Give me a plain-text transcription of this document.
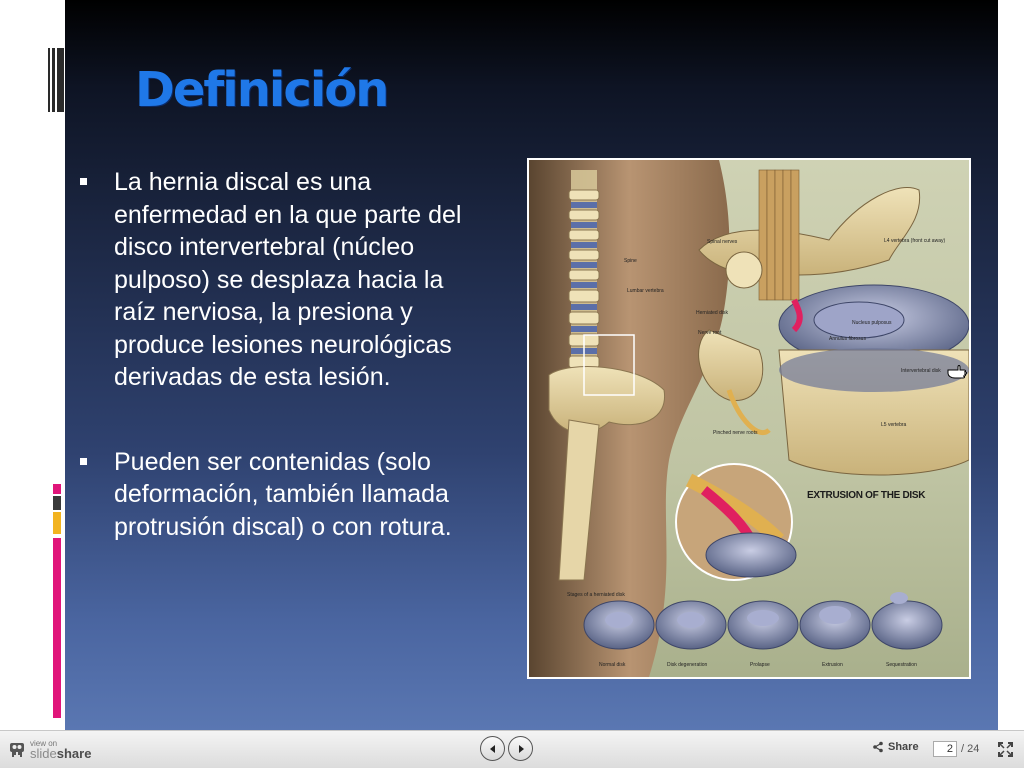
Definición

La hernia discal es una enfermedad en la que parte del disco intervertebral (núcleo pulposo) se desplaza hacia la raíz nerviosa, la presiona y produce lesiones neurológicas derivadas de esta lesión.

Pueden ser contenidas (solo deformación, también llamada protrusión discal) o con rotura.

Spinal nerves	L4 vertebra (front cut away)
Spine
Lumbar vertebra
Herniated disk
Nerve root
Nucleus pulposus
Annulus fibrosus
Intervertebral disk
L5 vertebra
Pinched nerve roots
Stages of a herniated disk
Normal disk	Disk degeneration	Prolapse	Extrusion	Sequestration
EXTRUSION OF THE DISK
view on
slideshare	Share
2	/ 24
